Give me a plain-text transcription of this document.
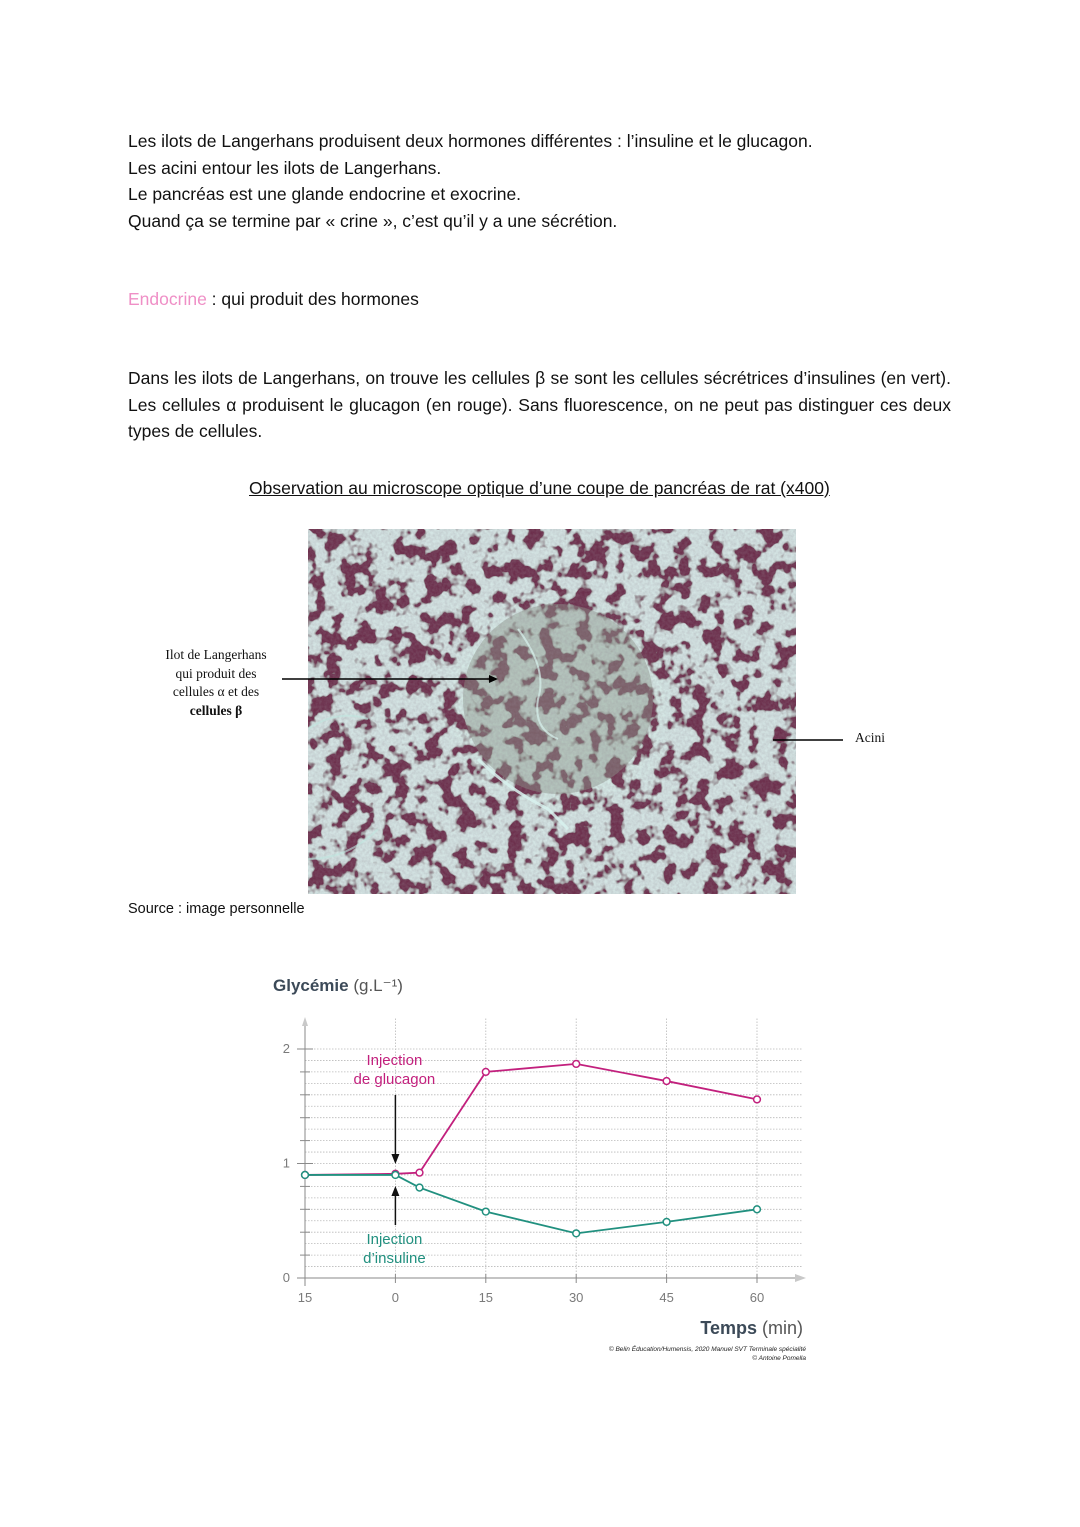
Les ilots de Langerhans produisent deux hormones différentes : l’insuline et le glucagon.
Les acini entour les ilots de Langerhans.
Le pancréas est une glande endocrine et exocrine.
Quand ça se termine par « crine », c’est qu’il y a une sécrétion.
Endocrine : qui produit des hormones
Dans les ilots de Langerhans, on trouve les cellules β se sont les cellules sécrétrices d’insulines (en vert). Les cellules α produisent le glucagon (en rouge). Sans fluorescence, on ne peut pas distinguer ces deux types de cellules.
Observation au microscope optique d’une coupe de pancréas de rat (x400)
Ilot de Langerhans
qui produit des
cellules α et des
cellules β
Acini
Source : image personnelle
Glycémie (g.L⁻¹)
0
1
2
15	0	15	30	45	60
Injection
de glucagon
Injection
d’insuline
Temps (min)
© Belin Éducation/Humensis, 2020 Manuel SVT Terminale spécialité
© Antoine Pomella
